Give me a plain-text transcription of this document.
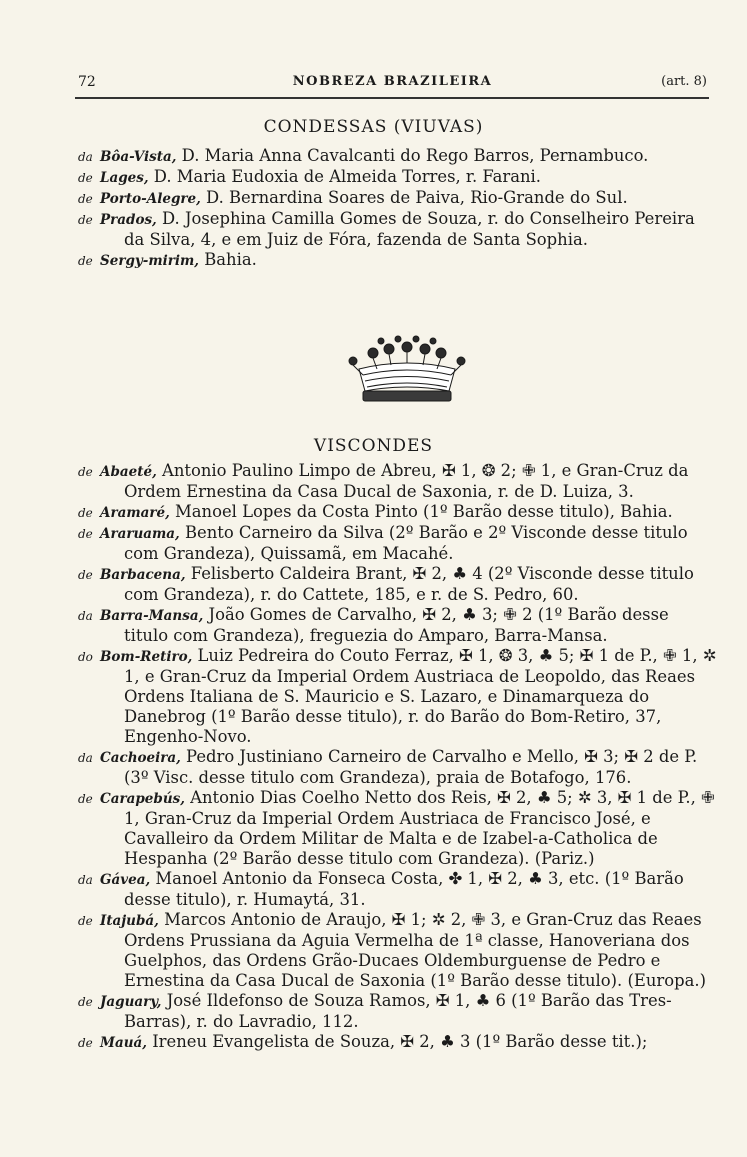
72	NOBREZA BRAZILEIRA	(art. 8)
CONDESSAS (VIUVAS)

da Bôa-Vista, D. Maria Anna Cavalcanti do Rego Barros, Pernambuco.

de Lages, D. Maria Eudoxia de Almeida Torres, r. Farani.

de Porto-Alegre, D. Bernardina Soares de Paiva, Rio-Grande do Sul.

de Prados, D. Josephina Camilla Gomes de Souza, r. do Conselheiro Pereira da Silva, 4, e em Juiz de Fóra, fazenda de Santa Sophia.

de Sergy-mirim, Bahia.

VISCONDES

de Abaeté, Antonio Paulino Limpo de Abreu, ✠ 1, ❂ 2; ✙ 1, e Gran-Cruz da Ordem Ernestina da Casa Ducal de Saxonia, r. de D. Luiza, 3.

de Aramaré, Manoel Lopes da Costa Pinto (1º Barão desse titulo), Bahia.

de Araruama, Bento Carneiro da Silva (2º Barão e 2º Visconde desse titulo com Grandeza), Quissamã, em Macahé.

de Barbacena, Felisberto Caldeira Brant, ✠ 2, ♣ 4 (2º Visconde desse titulo com Grandeza), r. do Cattete, 185, e r. de S. Pedro, 60.

da Barra-Mansa, João Gomes de Carvalho, ✠ 2, ♣ 3; ✙ 2 (1º Barão desse titulo com Grandeza), freguezia do Amparo, Barra-Mansa.

do Bom-Retiro, Luiz Pedreira do Couto Ferraz, ✠ 1, ❂ 3, ♣ 5; ✠ 1 de P., ✙ 1, ✲ 1, e Gran-Cruz da Imperial Ordem Austriaca de Leopoldo, das Reaes Ordens Italiana de S. Mauricio e S. Lazaro, e Dinamarqueza do Danebrog (1º Barão desse titulo), r. do Barão do Bom-Retiro, 37, Engenho-Novo.

da Cachoeira, Pedro Justiniano Carneiro de Carvalho e Mello, ✠ 3; ✠ 2 de P. (3º Visc. desse titulo com Grandeza), praia de Botafogo, 176.

de Carapebús, Antonio Dias Coelho Netto dos Reis, ✠ 2, ♣ 5; ✲ 3, ✠ 1 de P., ✙ 1, Gran-Cruz da Imperial Ordem Austriaca de Francisco José, e Cavalleiro da Ordem Militar de Malta e de Izabel-a-Catholica de Hespanha (2º Barão desse titulo com Grandeza). (Pariz.)

da Gávea, Manoel Antonio da Fonseca Costa, ✤ 1, ✠ 2, ♣ 3, etc. (1º Barão desse titulo), r. Humaytá, 31.

de Itajubá, Marcos Antonio de Araujo, ✠ 1; ✲ 2, ✙ 3, e Gran-Cruz das Reaes Ordens Prussiana da Aguia Vermelha de 1ª classe, Hanoveriana dos Guelphos, das Ordens Grão-Ducaes Oldemburguense de Pedro e Ernestina da Casa Ducal de Saxonia (1º Barão desse titulo). (Europa.)

de Jaguary, José Ildefonso de Souza Ramos, ✠ 1, ♣ 6 (1º Barão das Tres-Barras), r. do Lavradio, 112.

de Mauá, Ireneu Evangelista de Souza, ✠ 2, ♣ 3 (1º Barão desse tit.);
